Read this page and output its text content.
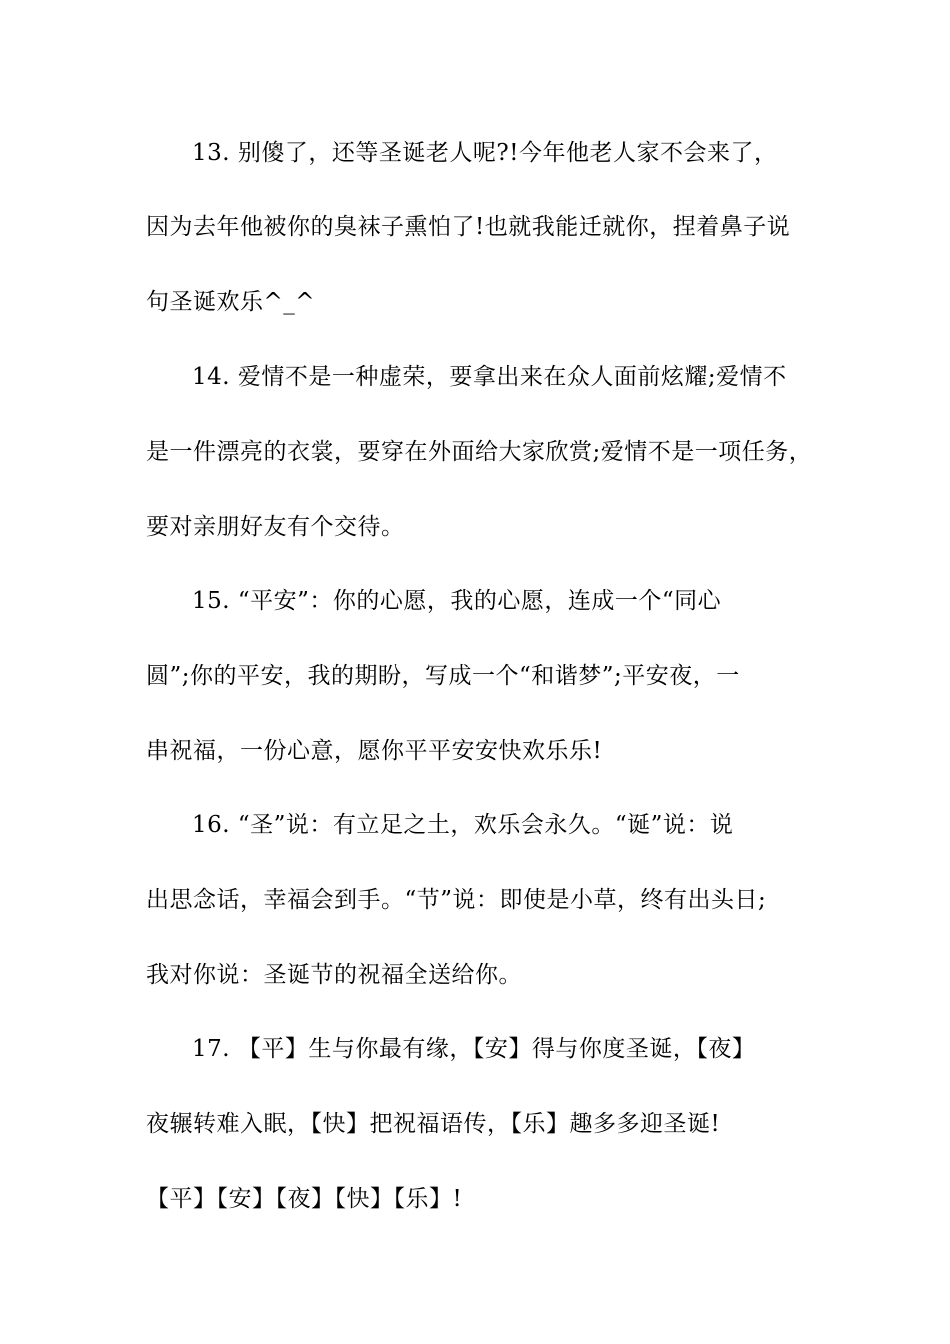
13. 别傻了，还等圣诞老人呢?!今年他老人家不会来了，
因为去年他被你的臭袜子熏怕了!也就我能迁就你，捏着鼻子说
句圣诞欢乐^_^
14. 爱情不是一种虚荣，要拿出来在众人面前炫耀;爱情不
是一件漂亮的衣裳，要穿在外面给大家欣赏;爱情不是一项任务，
要对亲朋好友有个交待。
15. “平安”：你的心愿，我的心愿，连成一个“同心
圆”;你的平安，我的期盼，写成一个“和谐梦”;平安夜，一
串祝福，一份心意，愿你平平安安快欢乐乐!
16. “圣”说：有立足之土，欢乐会永久。“诞”说：说
出思念话，幸福会到手。“节”说：即使是小草，终有出头日;
我对你说：圣诞节的祝福全送给你。
17. 【平】生与你最有缘，【安】得与你度圣诞，【夜】
夜辗转难入眠，【快】把祝福语传，【乐】趣多多迎圣诞!
【平】【安】【夜】【快】【乐】!
